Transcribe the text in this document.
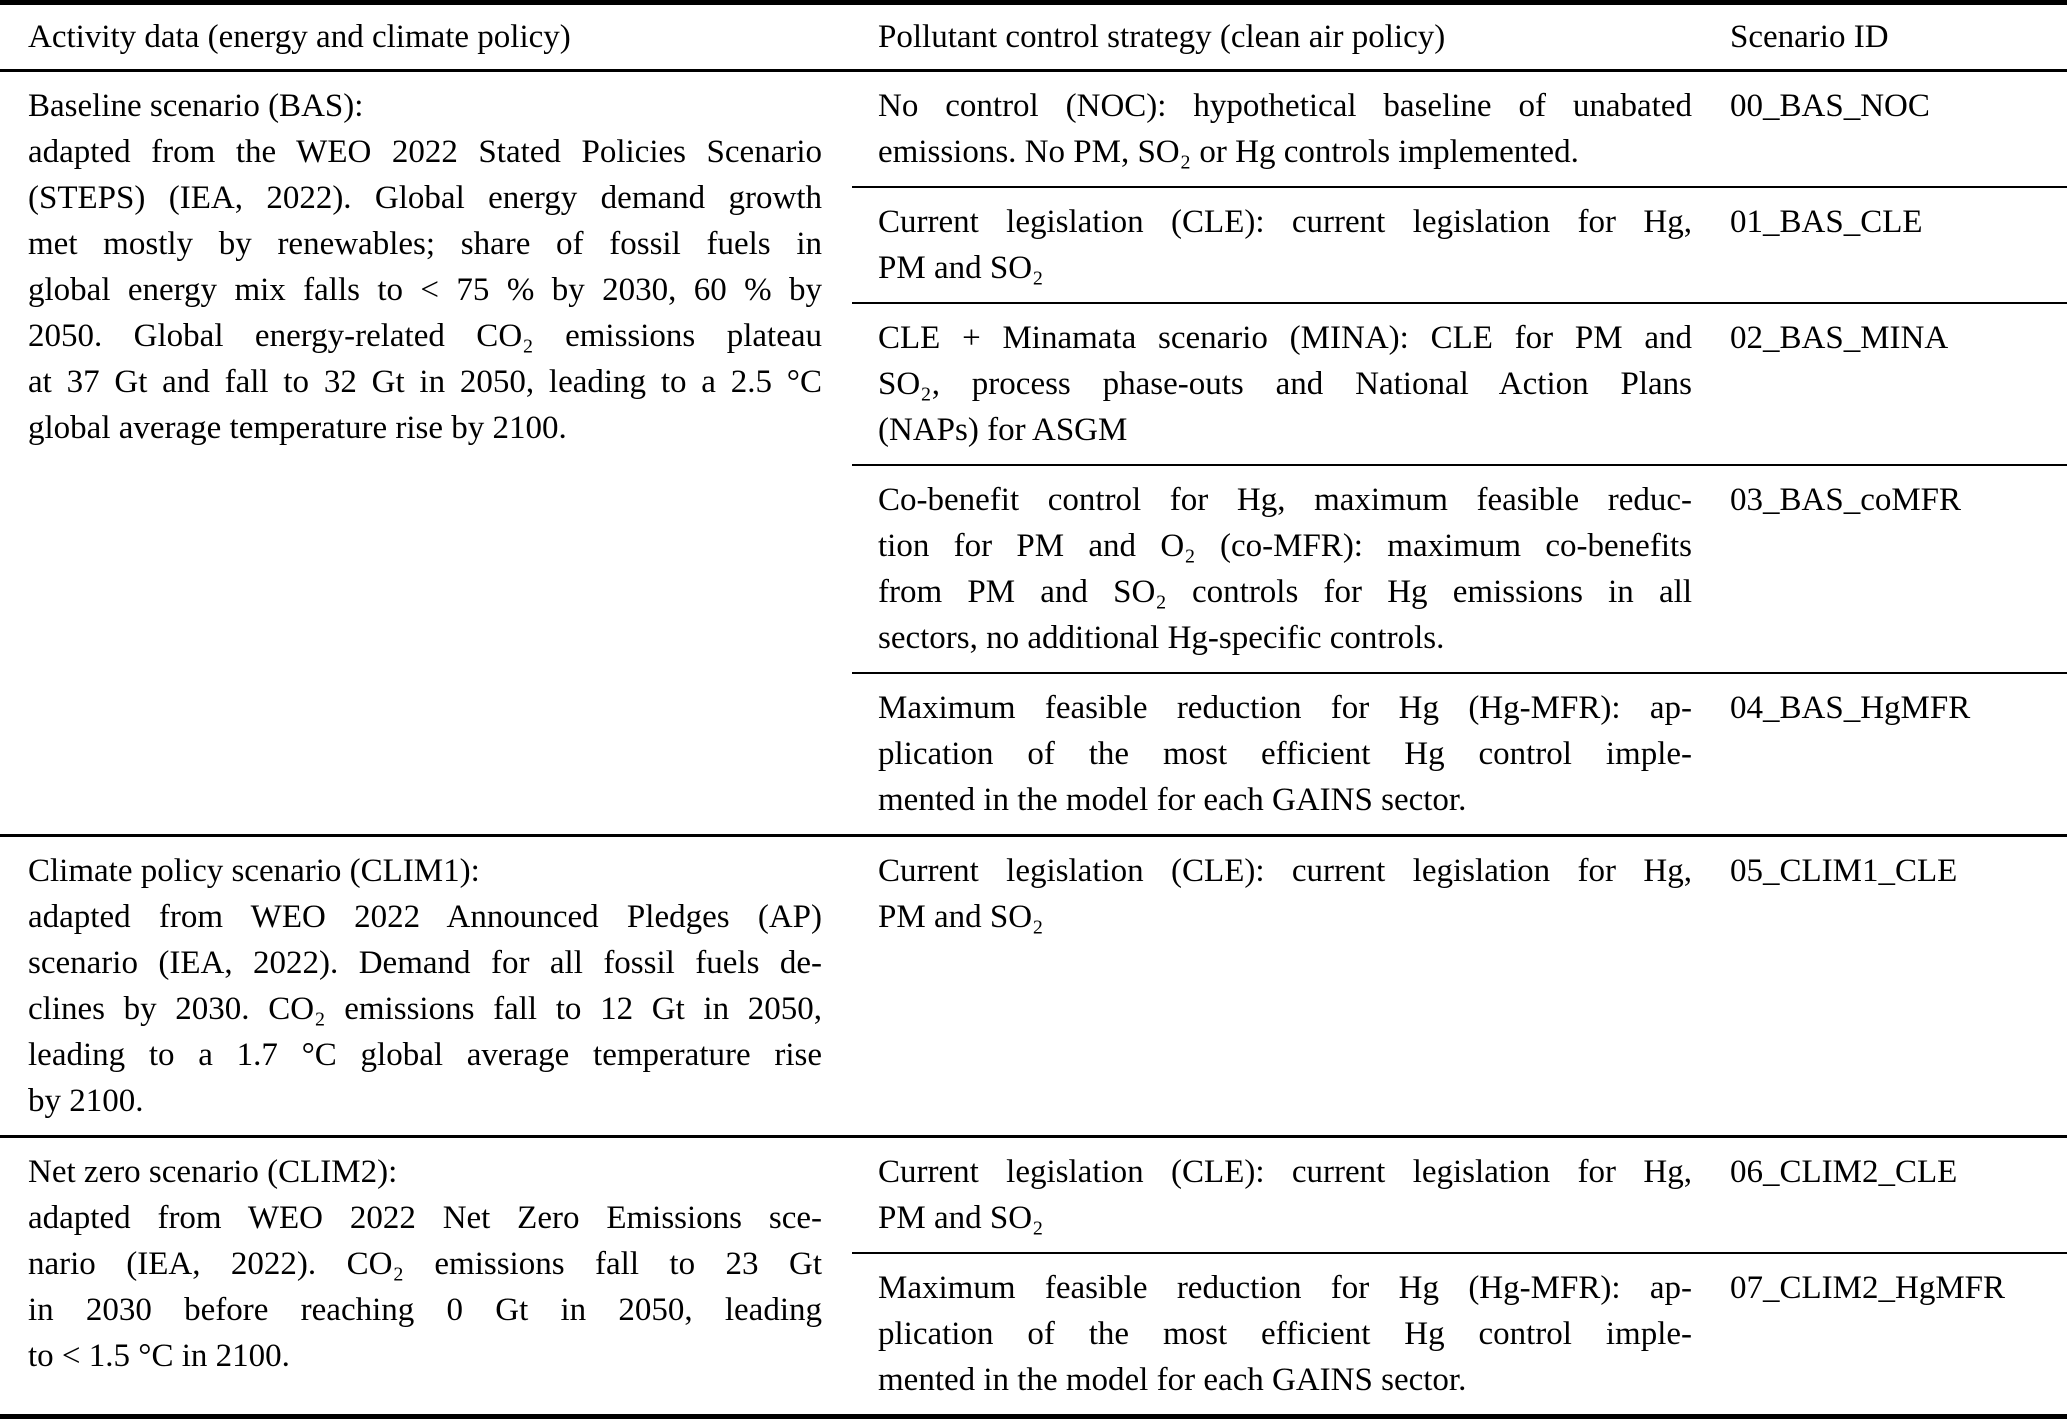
Activity data (energy and climate policy)	Pollutant control strategy (clean air policy)	Scenario ID
Baseline scenario (BAS):
adapted from the WEO 2022 Stated Policies Scenario
(STEPS) (IEA, 2022). Global energy demand growth
met mostly by renewables; share of fossil fuels in
global energy mix falls to < 75 % by 2030, 60 % by
2050. Global energy-related CO₂ emissions plateau
at 37 Gt and fall to 32 Gt in 2050, leading to a 2.5 °C
global average temperature rise by 2100.
No control (NOC): hypothetical baseline of unabated
emissions. No PM, SO₂ or Hg controls implemented.
00_BAS_NOC
Current legislation (CLE): current legislation for Hg,
PM and SO₂
01_BAS_CLE
CLE + Minamata scenario (MINA): CLE for PM and
SO₂, process phase-outs and National Action Plans
(NAPs) for ASGM
02_BAS_MINA
Co-benefit control for Hg, maximum feasible reduc-
tion for PM and O₂ (co-MFR): maximum co-benefits
from PM and SO₂ controls for Hg emissions in all
sectors, no additional Hg-specific controls.
03_BAS_coMFR
Maximum feasible reduction for Hg (Hg-MFR): ap-
plication of the most efficient Hg control imple-
mented in the model for each GAINS sector.
04_BAS_HgMFR
Climate policy scenario (CLIM1):
adapted from WEO 2022 Announced Pledges (AP)
scenario (IEA, 2022). Demand for all fossil fuels de-
clines by 2030. CO₂ emissions fall to 12 Gt in 2050,
leading to a 1.7 °C global average temperature rise
by 2100.
Current legislation (CLE): current legislation for Hg,
PM and SO₂
05_CLIM1_CLE
Net zero scenario (CLIM2):
adapted from WEO 2022 Net Zero Emissions sce-
nario (IEA, 2022). CO₂ emissions fall to 23 Gt
in 2030 before reaching 0 Gt in 2050, leading
to < 1.5 °C in 2100.
Current legislation (CLE): current legislation for Hg,
PM and SO₂
06_CLIM2_CLE
Maximum feasible reduction for Hg (Hg-MFR): ap-
plication of the most efficient Hg control imple-
mented in the model for each GAINS sector.
07_CLIM2_HgMFR
